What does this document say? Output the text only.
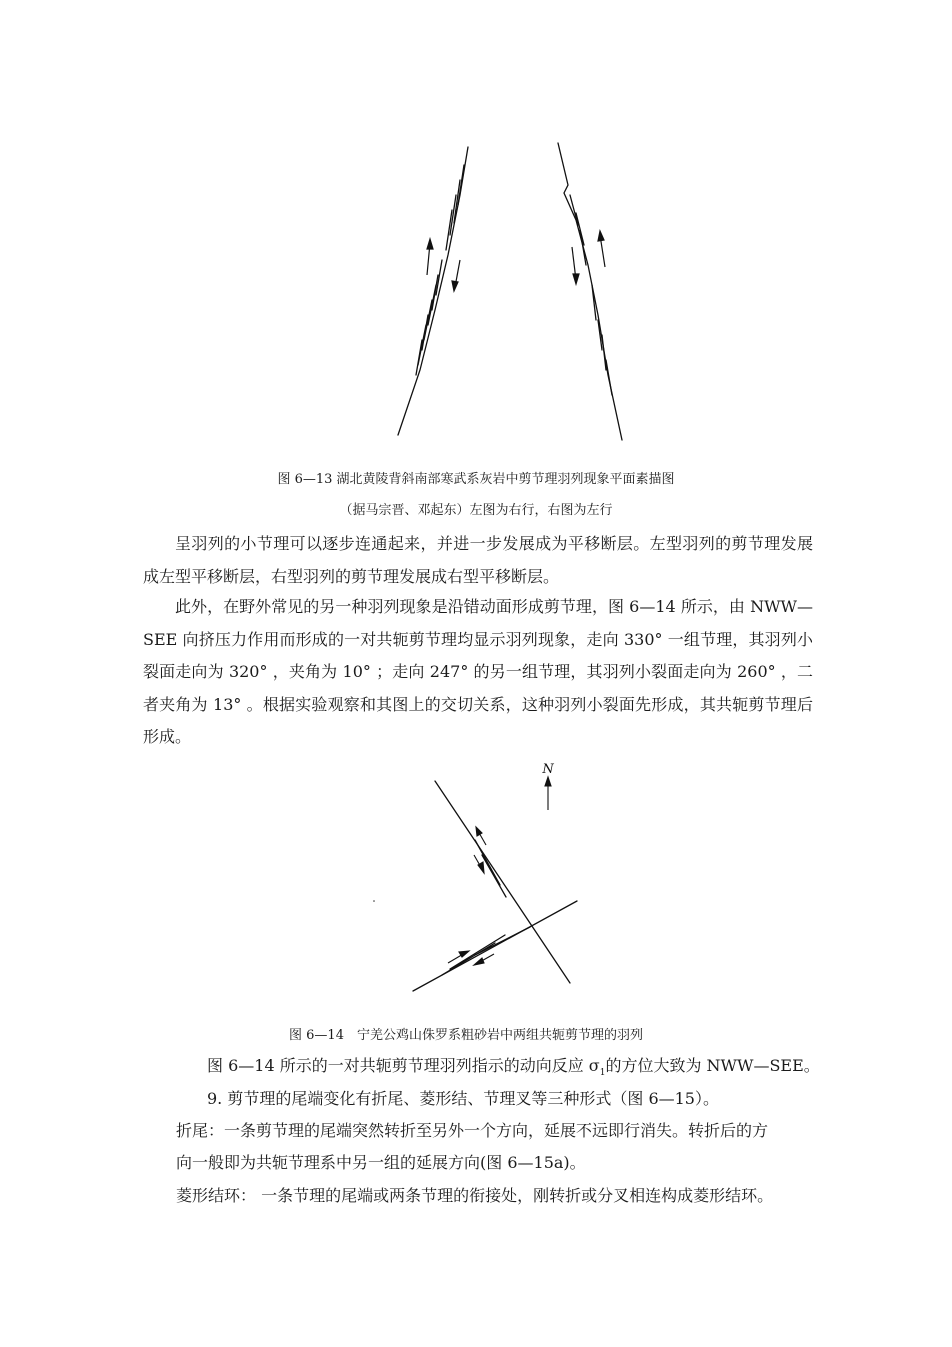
图 6—13 湖北黄陵背斜南部寒武系灰岩中剪节理羽列现象平面素描图
（据马宗晋、邓起东）左图为右行，右图为左行

呈羽列的小节理可以逐步连通起来，并进一步发展成为平移断层。左型羽列的剪节理发展成左型平移断层，右型羽列的剪节理发展成右型平移断层。

此外，在野外常见的另一种羽列现象是沿错动面形成剪节理，图 6—14 所示，由 NWW—SEE 向挤压力作用而形成的一对共轭剪节理均显示羽列现象，走向 330° 一组节理，其羽列小裂面走向为 320° ，夹角为 10° ；走向 247° 的另一组节理，其羽列小裂面走向为 260° ，二者夹角为 13° 。根据实验观察和其图上的交切关系，这种羽列小裂面先形成，其共轭剪节理后形成。

N
图 6—14　宁羌公鸡山侏罗系粗砂岩中两组共轭剪节理的羽列
图 6—14 所示的一对共轭剪节理羽列指示的动向反应 $\sigma_1$的方位大致为 NWW—SEE。
9. 剪节理的尾端变化有折尾、菱形结、节理叉等三种形式（图 6—15）。
折尾：一条剪节理的尾端突然转折至另外一个方向，延展不远即行消失。转折后的方
向一般即为共轭节理系中另一组的延展方向(图 6—15a)。
菱形结环： 一条节理的尾端或两条节理的衔接处，刚转折或分叉相连构成菱形结环。
